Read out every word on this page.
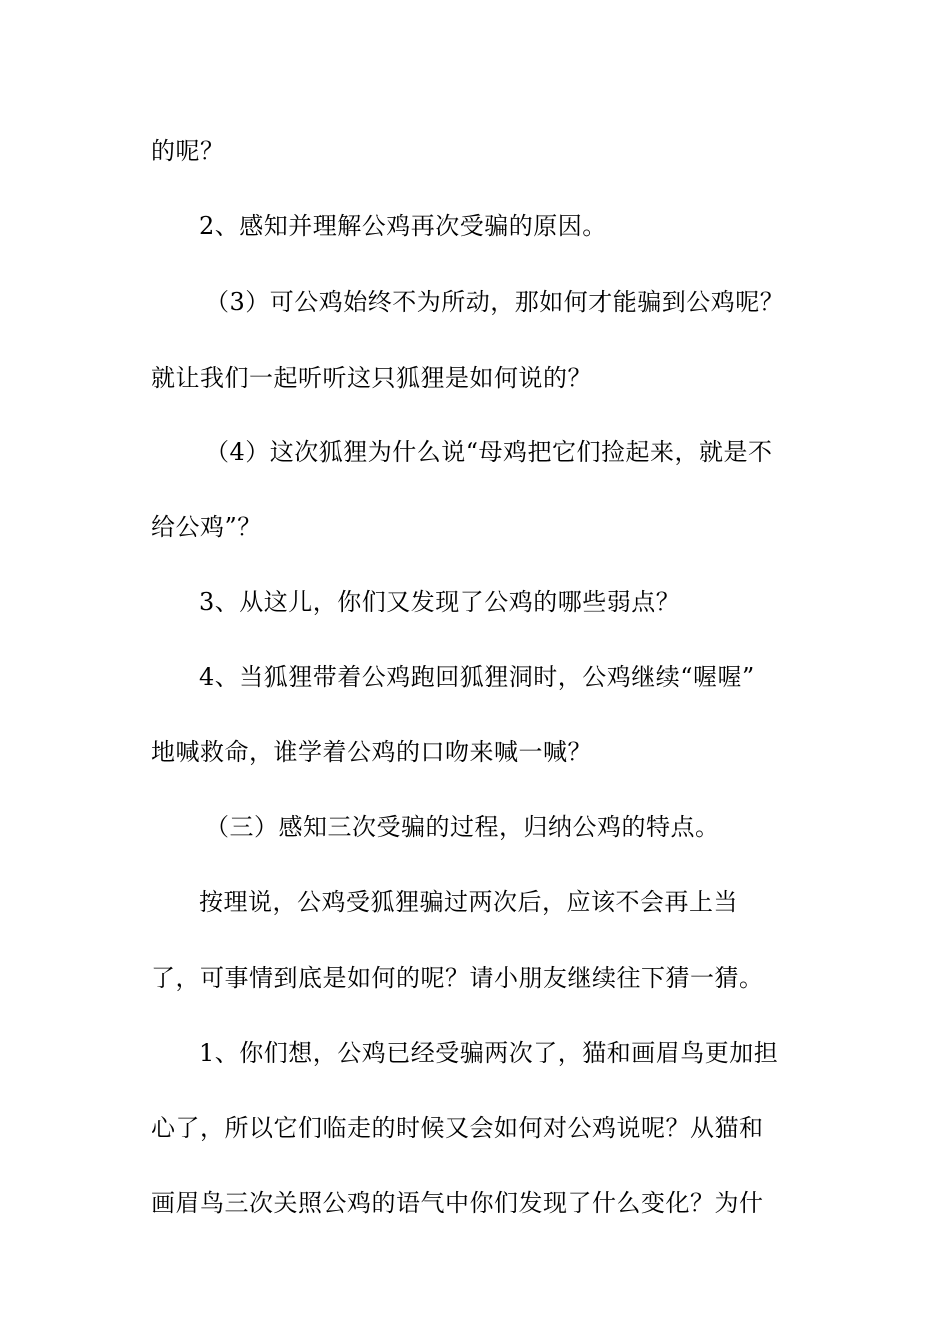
的呢？
2、感知并理解公鸡再次受骗的原因。
（3）可公鸡始终不为所动，那如何才能骗到公鸡呢？
就让我们一起听听这只狐狸是如何说的？
（4）这次狐狸为什么说“母鸡把它们捡起来，就是不
给公鸡”？
3、从这儿，你们又发现了公鸡的哪些弱点？
4、当狐狸带着公鸡跑回狐狸洞时，公鸡继续“喔喔”
地喊救命，谁学着公鸡的口吻来喊一喊？
（三）感知三次受骗的过程，归纳公鸡的特点。
按理说，公鸡受狐狸骗过两次后，应该不会再上当
了，可事情到底是如何的呢？请小朋友继续往下猜一猜。
1、你们想，公鸡已经受骗两次了，猫和画眉鸟更加担
心了，所以它们临走的时候又会如何对公鸡说呢？从猫和
画眉鸟三次关照公鸡的语气中你们发现了什么变化？为什
